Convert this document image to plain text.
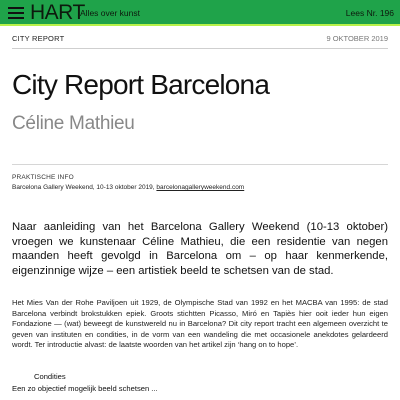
HART
Alles over kunst	Lees Nr. 196
CITY REPORT	9 OKTOBER 2019
City Report Barcelona
Céline Mathieu
PRAKTISCHE INFO
Barcelona Gallery Weekend, 10-13 oktober 2019, barcelonagalleryweekend.com

Naar aanleiding van het Barcelona Gallery Weekend (10-13 oktober) vroegen we kunstenaar Céline Mathieu, die een residentie van negen maanden heeft gevolgd in Barcelona om – op haar kenmerkende, eigenzinnige wijze – een artistiek beeld te schetsen van de stad.

Het Mies Van der Rohe Paviljoen uit 1929, de Olympische Stad van 1992 en het MACBA van 1995: de stad Barcelona verbindt brokstukken epiek. Groots stichtten Picasso, Miró en Tapiès hier ooit ieder hun eigen Fondazione — (wat) beweegt de kunstwereld nu in Barcelona? Dit city report tracht een algemeen overzicht te geven van instituten en condities, in de vorm van een wandeling die met occasionele anekdotes gelardeerd wordt. Ter introductie alvast: de laatste woorden van het artikel zijn ‘hang on to hope’.

Condities
Een zo objectief mogelijk beeld schetsen ...
